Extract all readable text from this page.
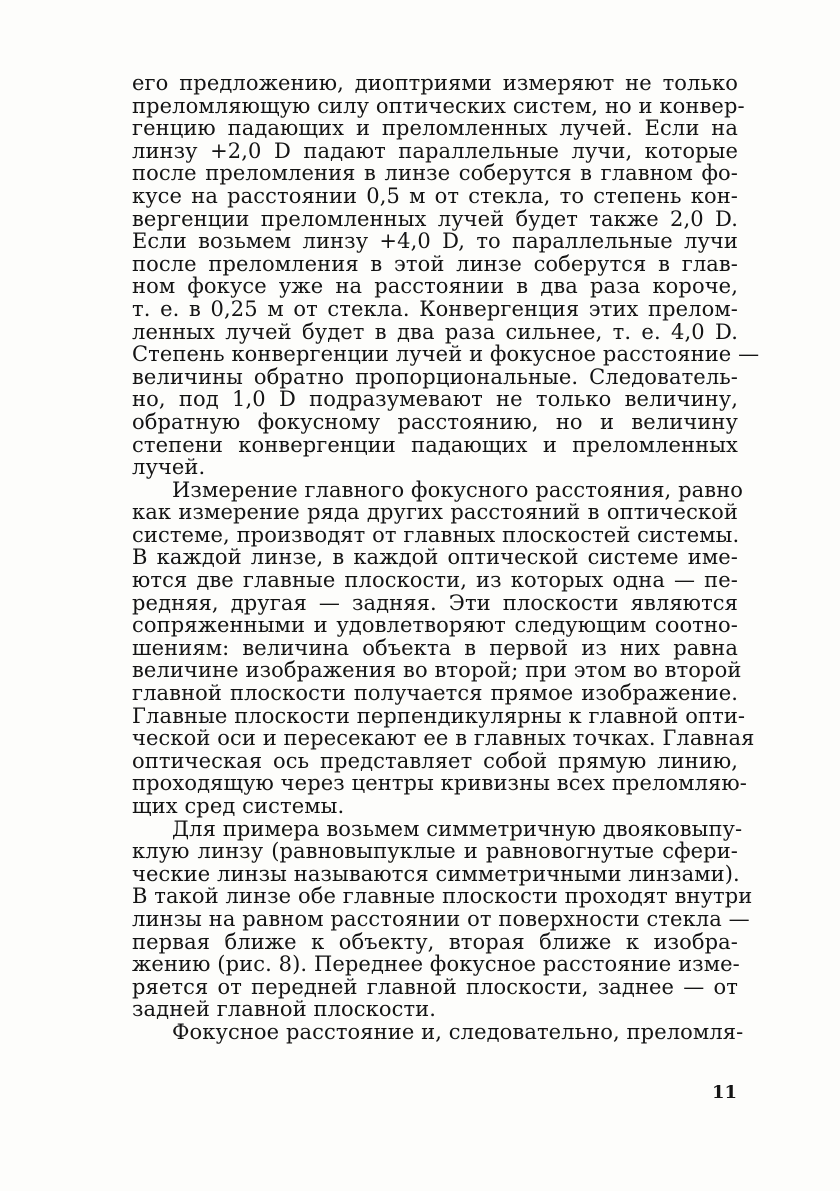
его предложению, диоптриями измеряют не только
преломляющую силу оптических систем, но и конвер-
генцию падающих и преломленных лучей. Если на
линзу +2,0 D падают параллельные лучи, которые
после преломления в линзе соберутся в главном фо-
кусе на расстоянии 0,5 м от стекла, то степень кон-
вергенции преломленных лучей будет также 2,0 D.
Если возьмем линзу +4,0 D, то параллельные лучи
после преломления в этой линзе соберутся в глав-
ном фокусе уже на расстоянии в два раза короче,
т. е. в 0,25 м от стекла. Конвергенция этих прелом-
ленных лучей будет в два раза сильнее, т. е. 4,0 D.
Степень конвергенции лучей и фокусное расстояние —
величины обратно пропорциональные. Следователь-
но, под 1,0 D подразумевают не только величину,
обратную фокусному расстоянию, но и величину
степени конвергенции падающих и преломленных
лучей.
Измерение главного фокусного расстояния, равно
как измерение ряда других расстояний в оптической
системе, производят от главных плоскостей системы.
В каждой линзе, в каждой оптической системе име-
ются две главные плоскости, из которых одна — пе-
редняя, другая — задняя. Эти плоскости являются
сопряженными и удовлетворяют следующим соотно-
шениям: величина объекта в первой из них равна
величине изображения во второй; при этом во второй
главной плоскости получается прямое изображение.
Главные плоскости перпендикулярны к главной опти-
ческой оси и пересекают ее в главных точках. Главная
оптическая ось представляет собой прямую линию,
проходящую через центры кривизны всех преломляю-
щих сред системы.
Для примера возьмем симметричную двояковыпу-
клую линзу (равновыпуклые и равновогнутые сфери-
ческие линзы называются симметричными линзами).
В такой линзе обе главные плоскости проходят внутри
линзы на равном расстоянии от поверхности стекла —
первая ближе к объекту, вторая ближе к изобра-
жению (рис. 8). Переднее фокусное расстояние изме-
ряется от передней главной плоскости, заднее — от
задней главной плоскости.
Фокусное расстояние и, следовательно, преломля-
11
